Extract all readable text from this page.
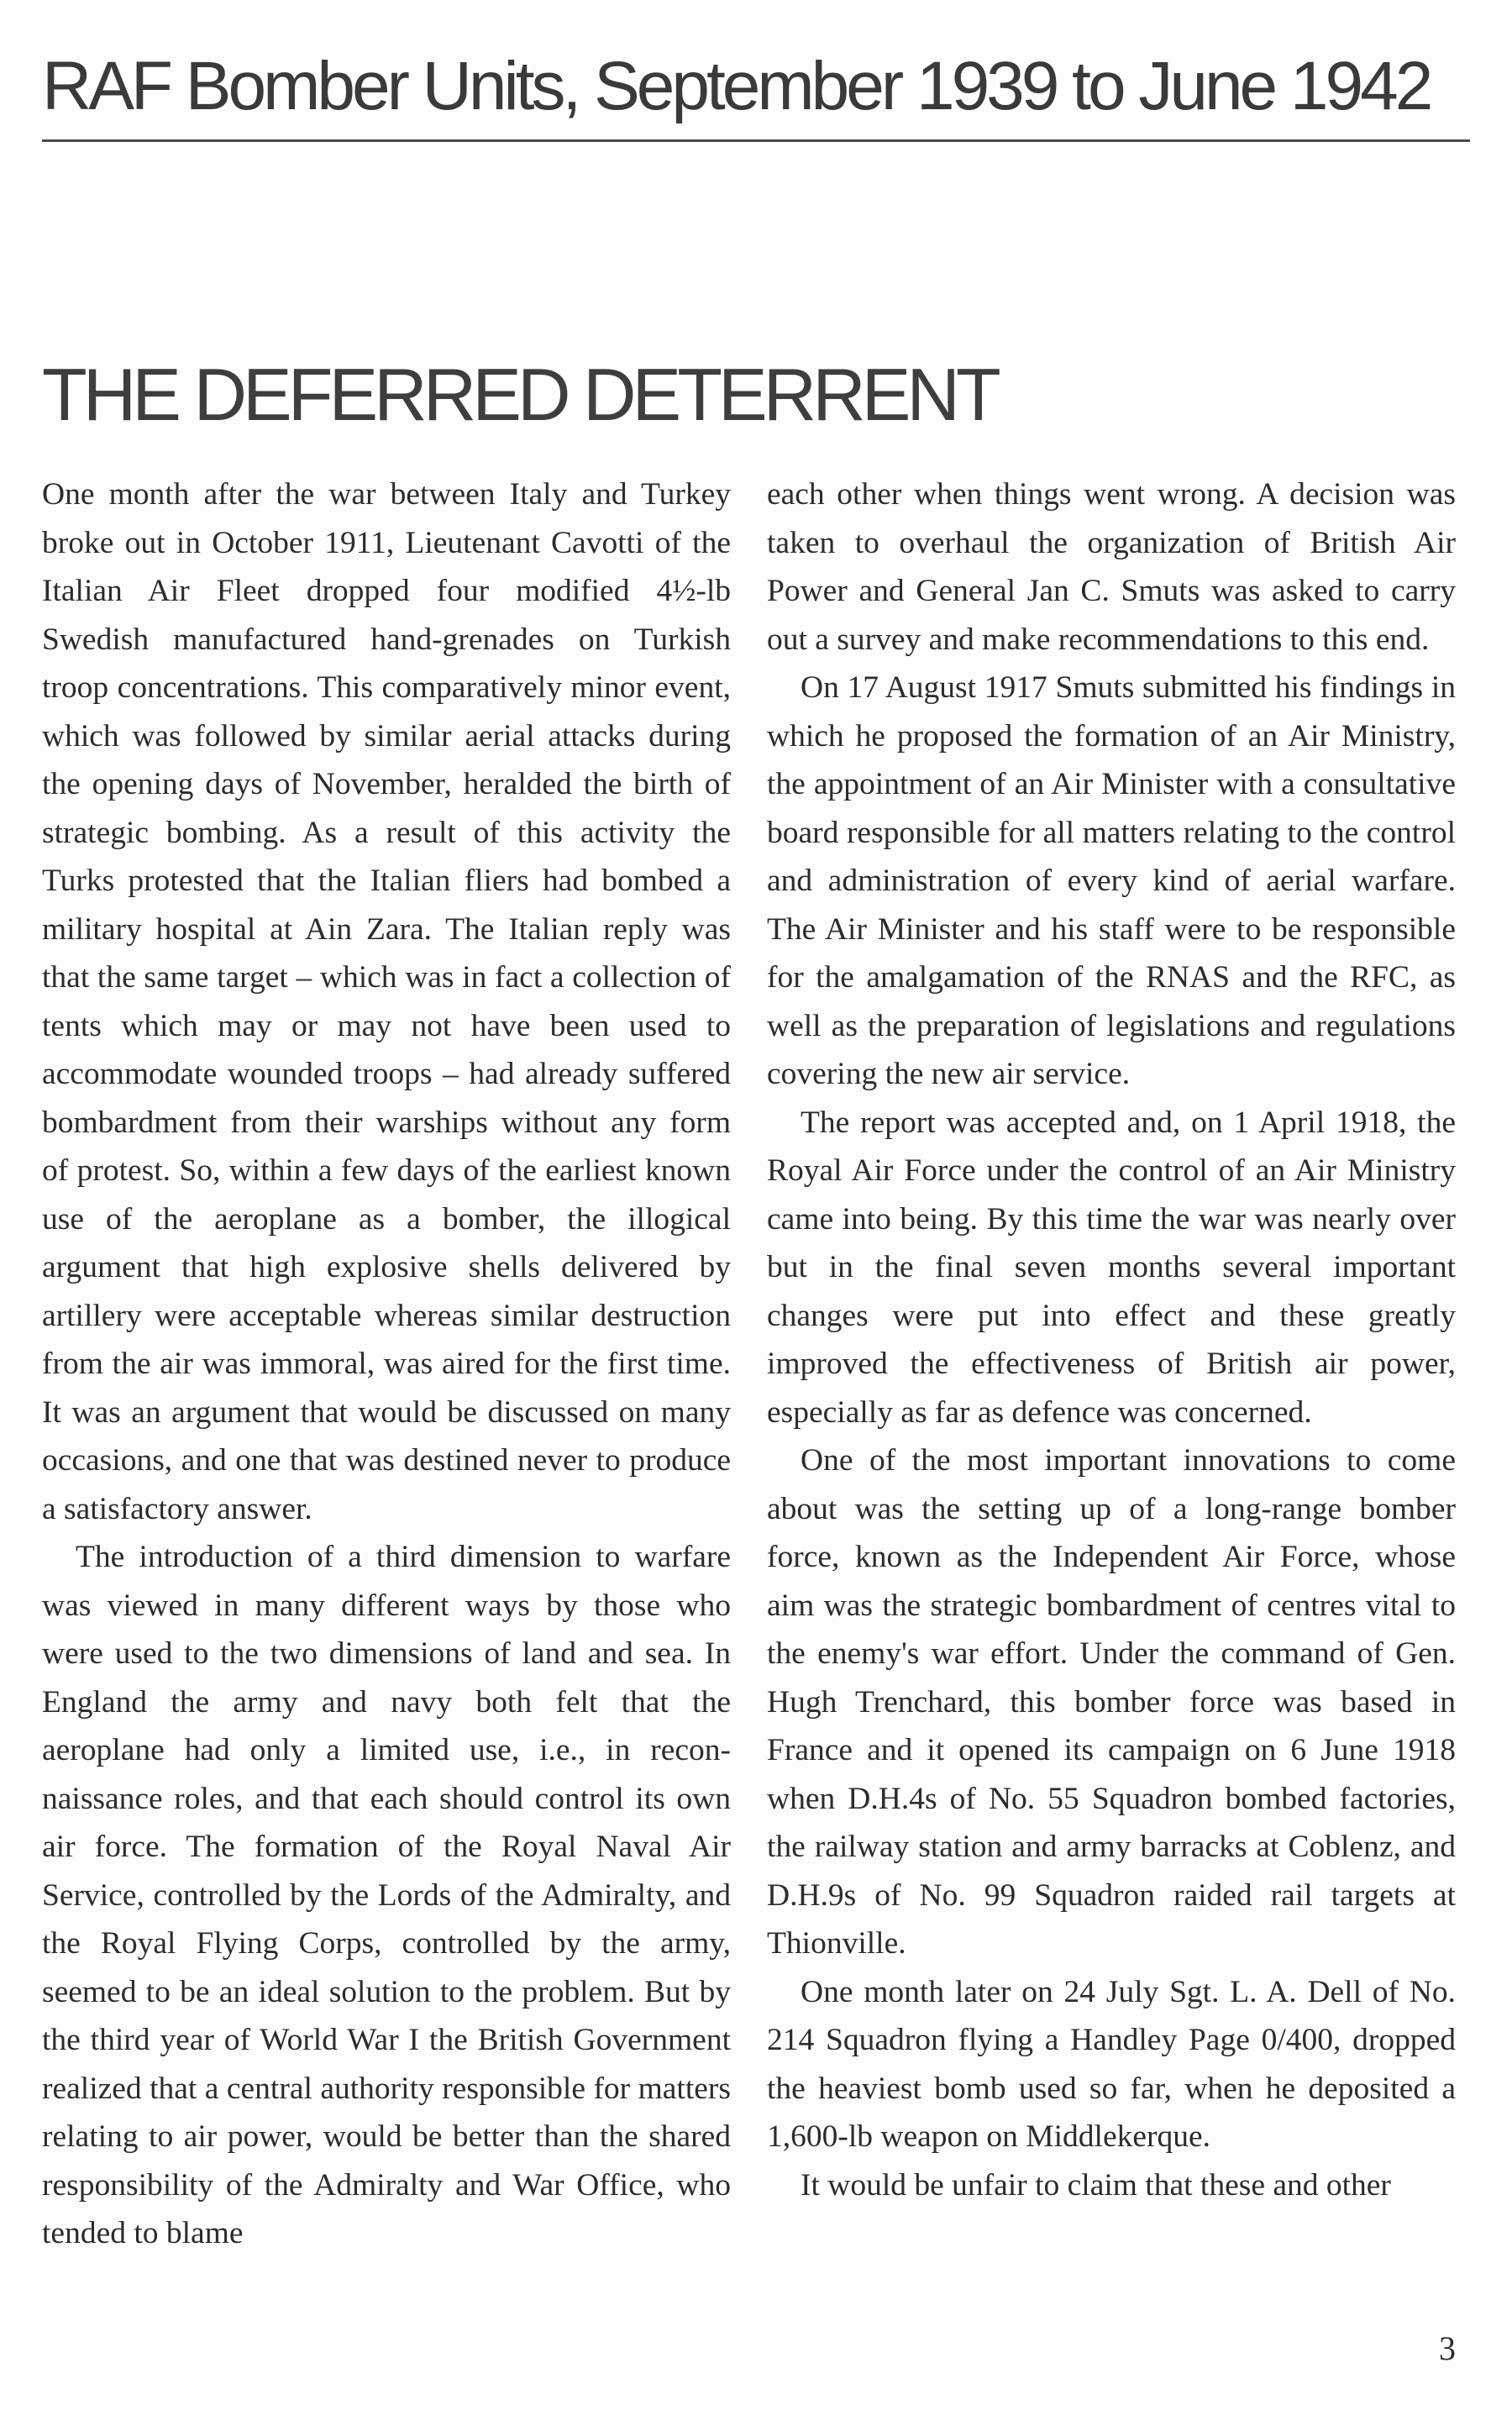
RAF Bomber Units, September 1939 to June 1942
THE DEFERRED DETERRENT

One month after the war between Italy and Turkey broke out in October 1911, Lieutenant Cavotti of the Italian Air Fleet dropped four modified 4½-lb Swedish manufactured hand-grenades on Turkish troop concentrations. This comparatively minor event, which was followed by similar aerial attacks during the opening days of November, heralded the birth of strategic bombing. As a result of this activity the Turks protested that the Italian fliers had bombed a military hospital at Ain Zara. The Italian reply was that the same target – which was in fact a collection of tents which may or may not have been used to accommodate wounded troops – had already suffered bombardment from their warships without any form of protest. So, within a few days of the earliest known use of the aeroplane as a bomber, the illogical argument that high explosive shells delivered by artillery were acceptable whereas similar destruction from the air was immoral, was aired for the first time. It was an argument that would be discussed on many occasions, and one that was destined never to produce a satisfactory answer.

The introduction of a third dimension to warfare was viewed in many different ways by those who were used to the two dimensions of land and sea. In England the army and navy both felt that the aeroplane had only a limited use, i.e., in reconnaissance roles, and that each should control its own air force. The formation of the Royal Naval Air Service, controlled by the Lords of the Admiralty, and the Royal Flying Corps, controlled by the army, seemed to be an ideal solution to the problem. But by the third year of World War I the British Government realized that a central authority responsible for matters relating to air power, would be better than the shared responsibility of the Admiralty and War Office, who tended to blame

each other when things went wrong. A decision was taken to overhaul the organization of British Air Power and General Jan C. Smuts was asked to carry out a survey and make recommendations to this end.

On 17 August 1917 Smuts submitted his findings in which he proposed the formation of an Air Ministry, the appointment of an Air Minister with a consultative board responsible for all matters relating to the control and administration of every kind of aerial warfare. The Air Minister and his staff were to be responsible for the amalgamation of the RNAS and the RFC, as well as the preparation of legislations and regulations covering the new air service.

The report was accepted and, on 1 April 1918, the Royal Air Force under the control of an Air Ministry came into being. By this time the war was nearly over but in the final seven months several important changes were put into effect and these greatly improved the effectiveness of British air power, especially as far as defence was concerned.

One of the most important innovations to come about was the setting up of a long-range bomber force, known as the Independent Air Force, whose aim was the strategic bombardment of centres vital to the enemy's war effort. Under the command of Gen. Hugh Trenchard, this bomber force was based in France and it opened its campaign on 6 June 1918 when D.H.4s of No. 55 Squadron bombed factories, the railway station and army barracks at Coblenz, and D.H.9s of No. 99 Squadron raided rail targets at Thionville.

One month later on 24 July Sgt. L. A. Dell of No. 214 Squadron flying a Handley Page 0/400, dropped the heaviest bomb used so far, when he deposited a 1,600-lb weapon on Middlekerque.

It would be unfair to claim that these and other

3
